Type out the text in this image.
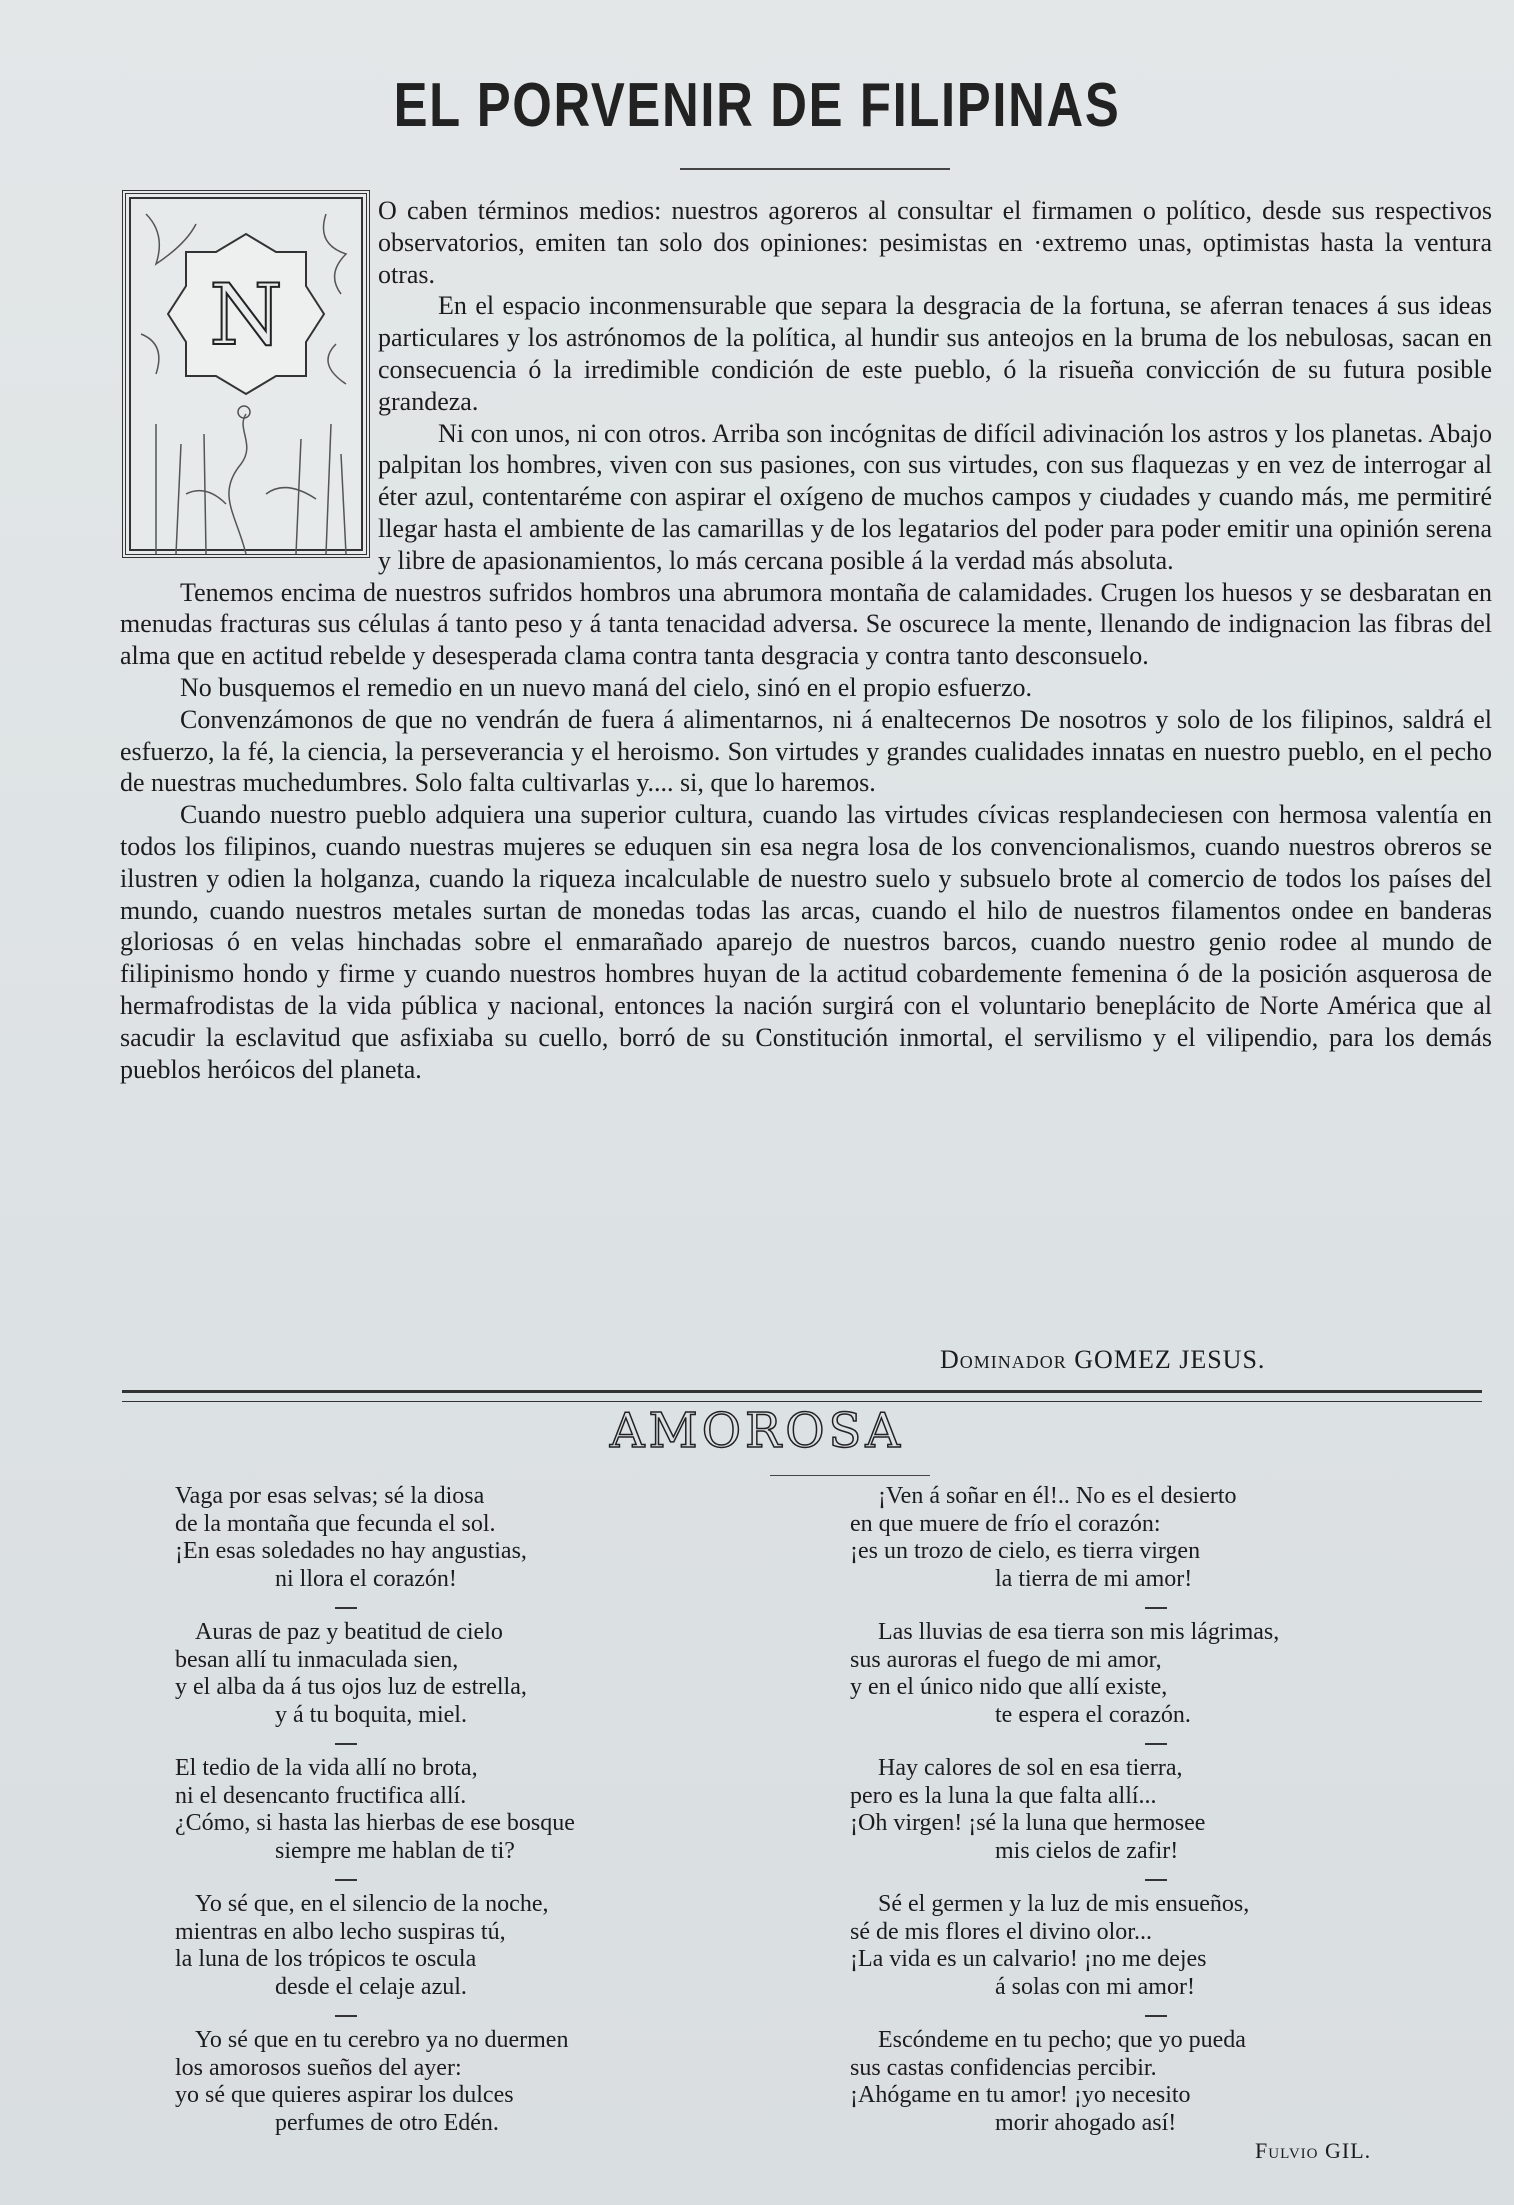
EL PORVENIR DE FILIPINAS
N

O caben términos medios: nuestros agoreros al consultar el firmamen o político, desde sus respectivos observatorios, emiten tan solo dos opiniones: pesimistas en ·extremo unas, optimistas hasta la ventura otras.

En el espacio inconmensurable que separa la desgracia de la fortuna, se aferran tenaces á sus ideas particulares y los astrónomos de la política, al hundir sus anteojos en la bruma de los nebulosas, sacan en consecuencia ó la irredimible condición de este pueblo, ó la risueña convicción de su futura posible grandeza.

Ni con unos, ni con otros. Arriba son incógnitas de difícil adivinación los astros y los planetas. Abajo palpitan los hombres, viven con sus pasiones, con sus virtudes, con sus flaquezas y en vez de interrogar al éter azul, contentaréme con aspirar el oxígeno de muchos campos y ciudades y cuando más, me permitiré llegar hasta el ambiente de las camarillas y de los legatarios del poder para poder emitir una opinión serena y libre de apasionamientos, lo más cercana posible á la verdad más absoluta.

Tenemos encima de nuestros sufridos hombros una abrumora montaña de calamidades. Crugen los huesos y se desbaratan en menudas fracturas sus células á tanto peso y á tanta tenacidad adversa. Se oscurece la mente, llenando de indignacion las fibras del alma que en actitud rebelde y desesperada clama contra tanta desgracia y contra tanto desconsuelo.

No busquemos el remedio en un nuevo maná del cielo, sinó en el propio esfuerzo.

Convenzámonos de que no vendrán de fuera á alimentarnos, ni á enaltecernos De nosotros y solo de los filipinos, saldrá el esfuerzo, la fé, la ciencia, la perseverancia y el heroismo. Son virtudes y grandes cualidades innatas en nuestro pueblo, en el pecho de nuestras muchedumbres. Solo falta cultivarlas y.... si, que lo haremos.

Cuando nuestro pueblo adquiera una superior cultura, cuando las virtudes cívicas resplandeciesen con hermosa valentía en todos los filipinos, cuando nuestras mujeres se eduquen sin esa negra losa de los convencionalismos, cuando nuestros obreros se ilustren y odien la holganza, cuando la riqueza incalculable de nuestro suelo y subsuelo brote al comercio de todos los países del mundo, cuando nuestros metales surtan de monedas todas las arcas, cuando el hilo de nuestros filamentos ondee en banderas gloriosas ó en velas hinchadas sobre el enmarañado aparejo de nuestros barcos, cuando nuestro genio rodee al mundo de filipinismo hondo y firme y cuando nuestros hombres huyan de la actitud cobardemente femenina ó de la posición asquerosa de hermafrodistas de la vida pública y nacional, entonces la nación surgirá con el voluntario beneplácito de Norte América que al sacudir la esclavitud que asfixiaba su cuello, borró de su Constitución inmortal, el servilismo y el vilipendio, para los demás pueblos heróicos del planeta.

Dominador GOMEZ JESUS.
AMOROSA
Vaga por esas selvas; sé la diosa
de la montaña que fecunda el sol.
¡En esas soledades no hay angustias,
ni llora el corazón!
Auras de paz y beatitud de cielo
besan allí tu inmaculada sien,
y el alba da á tus ojos luz de estrella,
y á tu boquita, miel.
El tedio de la vida allí no brota,
ni el desencanto fructifica allí.
¿Cómo, si hasta las hierbas de ese bosque
siempre me hablan de ti?
Yo sé que, en el silencio de la noche,
mientras en albo lecho suspiras tú,
la luna de los trópicos te osculа
desde el celaje azul.
Yo sé que en tu cerebro ya no duermen
los amorosos sueños del ayer:
yo sé que quieres aspirar los dulces
perfumes de otro Edén.
¡Ven á soñar en él!.. No es el desierto
en que muere de frío el corazón:
¡es un trozo de cielo, es tierra virgen
la tierra de mi amor!
Las lluvias de esa tierra son mis lágrimas,
sus auroras el fuego de mi amor,
y en el único nido que allí existe,
te espera el corazón.
Hay calores de sol en esa tierra,
pero es la luna la que falta allí...
¡Oh virgen! ¡sé la luna que hermosee
mis cielos de zafir!
Sé el germen y la luz de mis ensueños,
sé de mis flores el divino olor...
¡La vida es un calvario! ¡no me dejes
á solas con mi amor!
Escóndeme en tu pecho; que yo pueda
sus castas confidencias percibir.
¡Ahógame en tu amor! ¡yo necesito
morir ahogado así!
Fulvio GIL.
